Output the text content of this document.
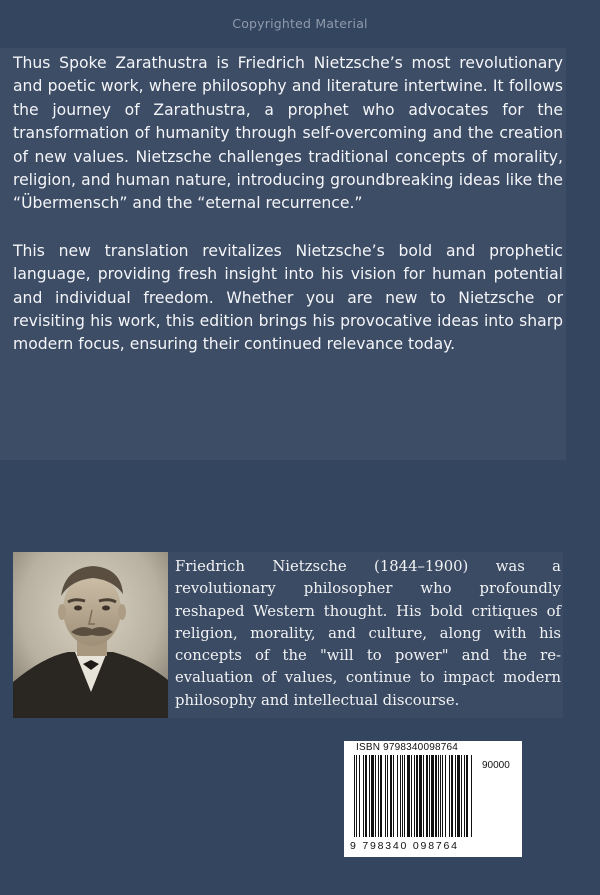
Copyrighted Material

Thus Spoke Zarathustra is Friedrich Nietzsche’s most revolutionary and poetic work, where philosophy and literature intertwine. It follows the journey of Zarathustra, a prophet who advocates for the transformation of humanity through self-overcoming and the creation of new values. Nietzsche challenges traditional concepts of morality, religion, and human nature, introducing groundbreaking ideas like the “Übermensch” and the “eternal recurrence.”

This new translation revitalizes Nietzsche’s bold and prophetic language, providing fresh insight into his vision for human potential and individual freedom. Whether you are new to Nietzsche or revisiting his work, this edition brings his provocative ideas into sharp modern focus, ensuring their continued relevance today.

Friedrich Nietzsche (1844–1900) was a revolutionary philosopher who profoundly reshaped Western thought. His bold critiques of religion, morality, and culture, along with his concepts of the "will to power" and the re-evaluation of values, continue to impact modern philosophy and intellectual discourse.

ISBN 9798340098764
90000
9 798340 098764
